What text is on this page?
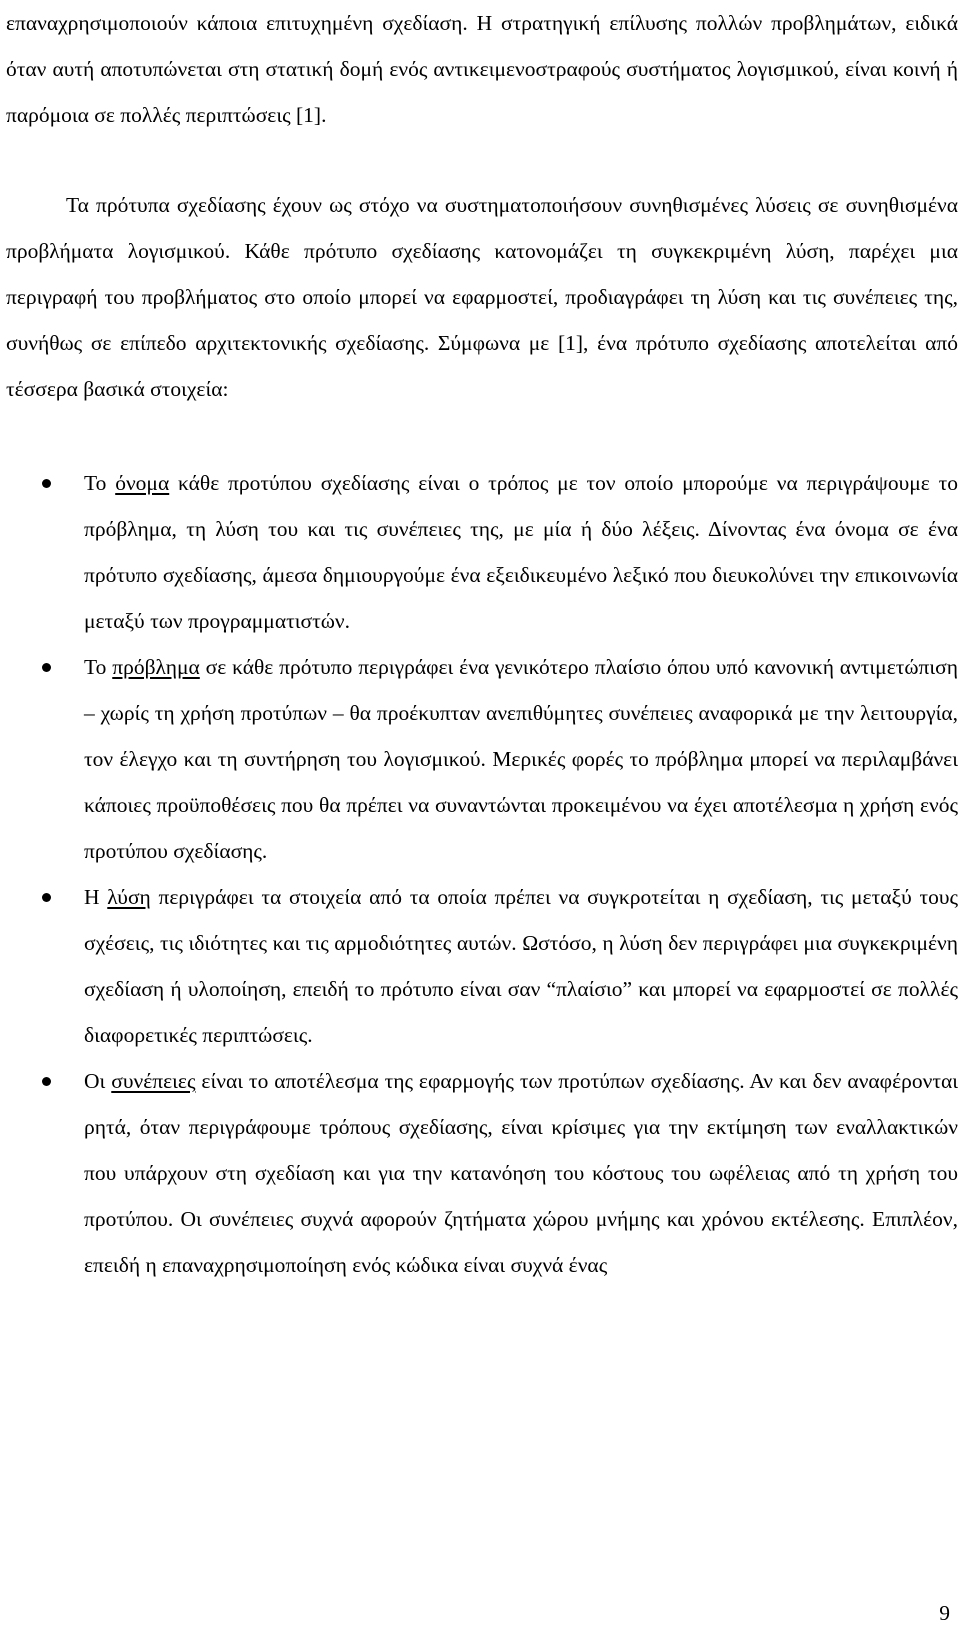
επαναχρησιμοποιούν κάποια επιτυχημένη σχεδίαση. Η στρατηγική επίλυσης πολλών προβλημάτων, ειδικά όταν αυτή αποτυπώνεται στη στατική δομή ενός αντικειμενοστραφούς συστήματος λογισμικού, είναι κοινή ή παρόμοια σε πολλές περιπτώσεις [1].

Τα πρότυπα σχεδίασης έχουν ως στόχο να συστηματοποιήσουν συνηθισμένες λύσεις σε συνηθισμένα προβλήματα λογισμικού. Κάθε πρότυπο σχεδίασης κατονομάζει τη συγκεκριμένη λύση, παρέχει μια περιγραφή του προβλήματος στο οποίο μπορεί να εφαρμοστεί, προδιαγράφει τη λύση και τις συνέπειες της, συνήθως σε επίπεδο αρχιτεκτονικής σχεδίασης. Σύμφωνα με [1], ένα πρότυπο σχεδίασης αποτελείται από τέσσερα βασικά στοιχεία:

Το όνομα κάθε προτύπου σχεδίασης είναι ο τρόπος με τον οποίο μπορούμε να περιγράψουμε το πρόβλημα, τη λύση του και τις συνέπειες της, με μία ή δύο λέξεις. Δίνοντας ένα όνομα σε ένα πρότυπο σχεδίασης, άμεσα δημιουργούμε ένα εξειδικευμένο λεξικό που διευκολύνει την επικοινωνία μεταξύ των προγραμματιστών.
Το πρόβλημα σε κάθε πρότυπο περιγράφει ένα γενικότερο πλαίσιο όπου υπό κανονική αντιμετώπιση – χωρίς τη χρήση προτύπων – θα προέκυπταν ανεπιθύμητες συνέπειες αναφορικά με την λειτουργία, τον έλεγχο και τη συντήρηση του λογισμικού. Μερικές φορές το πρόβλημα μπορεί να περιλαμβάνει κάποιες προϋποθέσεις που θα πρέπει να συναντώνται προκειμένου να έχει αποτέλεσμα η χρήση ενός προτύπου σχεδίασης.
Η λύση περιγράφει τα στοιχεία από τα οποία πρέπει να συγκροτείται η σχεδίαση, τις μεταξύ τους σχέσεις, τις ιδιότητες και τις αρμοδιότητες αυτών. Ωστόσο, η λύση δεν περιγράφει μια συγκεκριμένη σχεδίαση ή υλοποίηση, επειδή το πρότυπο είναι σαν “πλαίσιο” και μπορεί να εφαρμοστεί σε πολλές διαφορετικές περιπτώσεις.
Οι συνέπειες είναι το αποτέλεσμα της εφαρμογής των προτύπων σχεδίασης. Αν και δεν αναφέρονται ρητά, όταν περιγράφουμε τρόπους σχεδίασης, είναι κρίσιμες για την εκτίμηση των εναλλακτικών που υπάρχουν στη σχεδίαση και για την κατανόηση του κόστους του ωφέλειας από τη χρήση του προτύπου. Οι συνέπειες συχνά αφορούν ζητήματα χώρου μνήμης και χρόνου εκτέλεσης. Επιπλέον, επειδή η επαναχρησιμοποίηση ενός κώδικα είναι συχνά ένας
9
